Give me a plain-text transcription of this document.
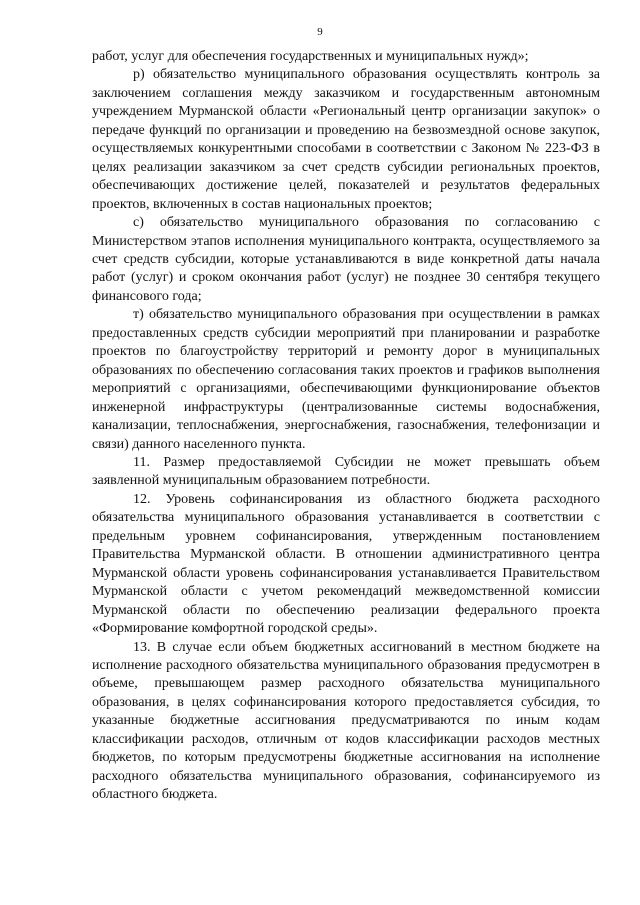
9

работ, услуг для обеспечения государственных и муниципальных нужд»;

р) обязательство муниципального образования осуществлять контроль за заключением соглашения между заказчиком и государственным автономным учреждением Мурманской области «Региональный центр организации закупок» о передаче функций по организации и проведению на безвозмездной основе закупок, осуществляемых конкурентными способами в соответствии с Законом № 223-ФЗ в целях реализации заказчиком за счет средств субсидии региональных проектов, обеспечивающих достижение целей, показателей и результатов федеральных проектов, включенных в состав национальных проектов;

с) обязательство муниципального образования по согласованию с Министерством этапов исполнения муниципального контракта, осуществляемого за счет средств субсидии, которые устанавливаются в виде конкретной даты начала работ (услуг) и сроком окончания работ (услуг) не позднее 30 сентября текущего финансового года;

т) обязательство муниципального образования при осуществлении в рамках предоставленных средств субсидии мероприятий при планировании и разработке проектов по благоустройству территорий и ремонту дорог в муниципальных образованиях по обеспечению согласования таких проектов и графиков выполнения мероприятий с организациями, обеспечивающими функционирование объектов инженерной инфраструктуры (централизованные системы водоснабжения, канализации, теплоснабжения, энергоснабжения, газоснабжения, телефонизации и связи) данного населенного пункта.

11. Размер предоставляемой Субсидии не может превышать объем заявленной муниципальным образованием потребности.

12. Уровень софинансирования из областного бюджета расходного обязательства муниципального образования устанавливается в соответствии с предельным уровнем софинансирования, утвержденным постановлением Правительства Мурманской области. В отношении административного центра Мурманской области уровень софинансирования устанавливается Правительством Мурманской области с учетом рекомендаций межведомственной комиссии Мурманской области по обеспечению реализации федерального проекта «Формирование комфортной городской среды».

13. В случае если объем бюджетных ассигнований в местном бюджете на исполнение расходного обязательства муниципального образования предусмотрен в объеме, превышающем размер расходного обязательства муниципального образования, в целях софинансирования которого предоставляется субсидия, то указанные бюджетные ассигнования предусматриваются по иным кодам классификации расходов, отличным от кодов классификации расходов местных бюджетов, по которым предусмотрены бюджетные ассигнования на исполнение расходного обязательства муниципального образования, софинансируемого из областного бюджета.
